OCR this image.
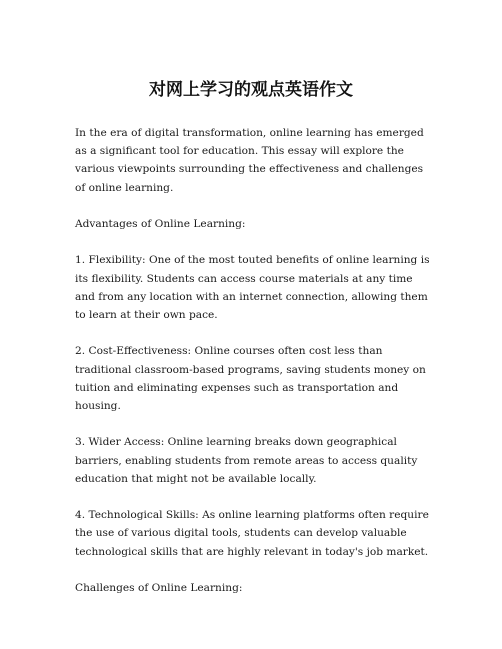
对网上学习的观点英语作文

In the era of digital transformation, online learning has emerged as a significant tool for education. This essay will explore the various viewpoints surrounding the effectiveness and challenges of online learning.

Advantages of Online Learning:

1. Flexibility: One of the most touted benefits of online learning is its flexibility. Students can access course materials at any time and from any location with an internet connection, allowing them to learn at their own pace.

2. Cost-Effectiveness: Online courses often cost less than traditional classroom-based programs, saving students money on tuition and eliminating expenses such as transportation and housing.

3. Wider Access: Online learning breaks down geographical barriers, enabling students from remote areas to access quality education that might not be available locally.

4. Technological Skills: As online learning platforms often require the use of various digital tools, students can develop valuable technological skills that are highly relevant in today's job market.

Challenges of Online Learning:
